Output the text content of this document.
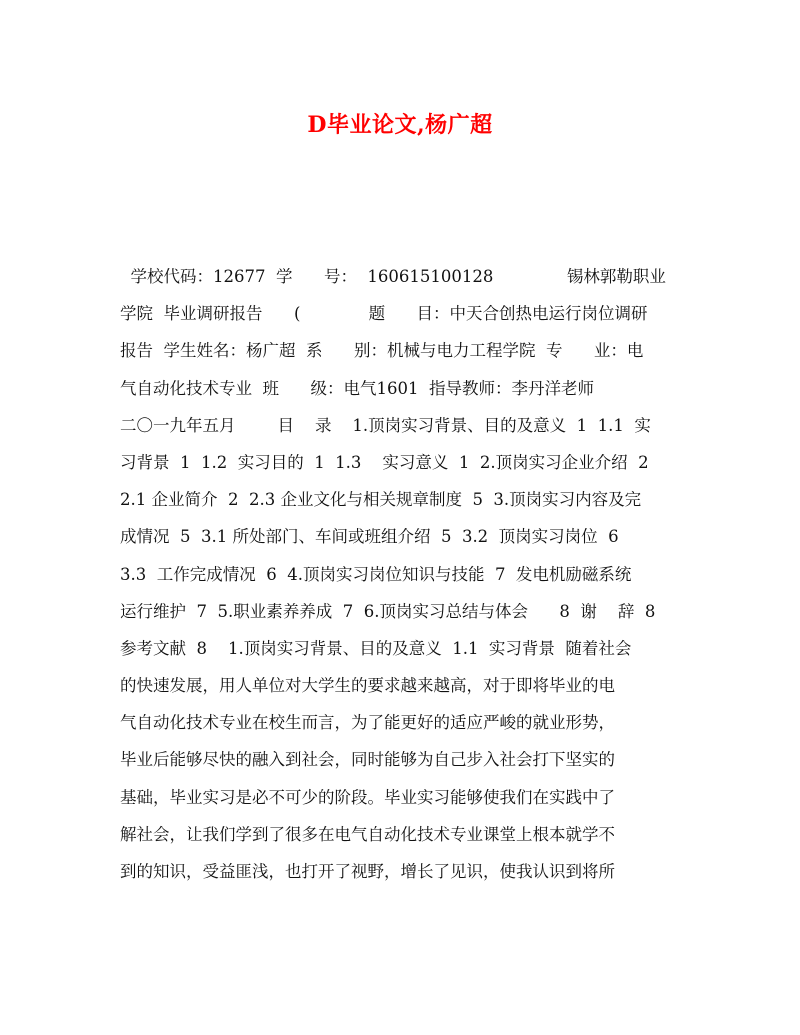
D毕业论文,杨广超
学校代码：12677  学      号：  160615100128              锡林郭勒职业
学院  毕业调研报告      (             题      目：中天合创热电运行岗位调研
报告  学生姓名：杨广超  系      别：机械与电力工程学院  专      业：电
气自动化技术专业  班      级：电气1601  指导教师：李丹洋老师
二〇一九年五月        目    录    1.顶岗实习背景、目的及意义  1  1.1  实
习背景  1  1.2  实习目的  1  1.3    实习意义  1  2.顶岗实习企业介绍  2
2.1 企业简介  2  2.3 企业文化与相关规章制度  5  3.顶岗实习内容及完
成情况  5  3.1 所处部门、车间或班组介绍  5  3.2  顶岗实习岗位  6
3.3  工作完成情况  6  4.顶岗实习岗位知识与技能  7  发电机励磁系统
运行维护  7  5.职业素养养成  7  6.顶岗实习总结与体会      8  谢    辞  8
参考文献  8    1.顶岗实习背景、目的及意义  1.1  实习背景  随着社会
的快速发展，用人单位对大学生的要求越来越高，对于即将毕业的电
气自动化技术专业在校生而言，为了能更好的适应严峻的就业形势，
毕业后能够尽快的融入到社会，同时能够为自己步入社会打下坚实的
基础，毕业实习是必不可少的阶段。毕业实习能够使我们在实践中了
解社会，让我们学到了很多在电气自动化技术专业课堂上根本就学不
到的知识，受益匪浅，也打开了视野，增长了见识，使我认识到将所
